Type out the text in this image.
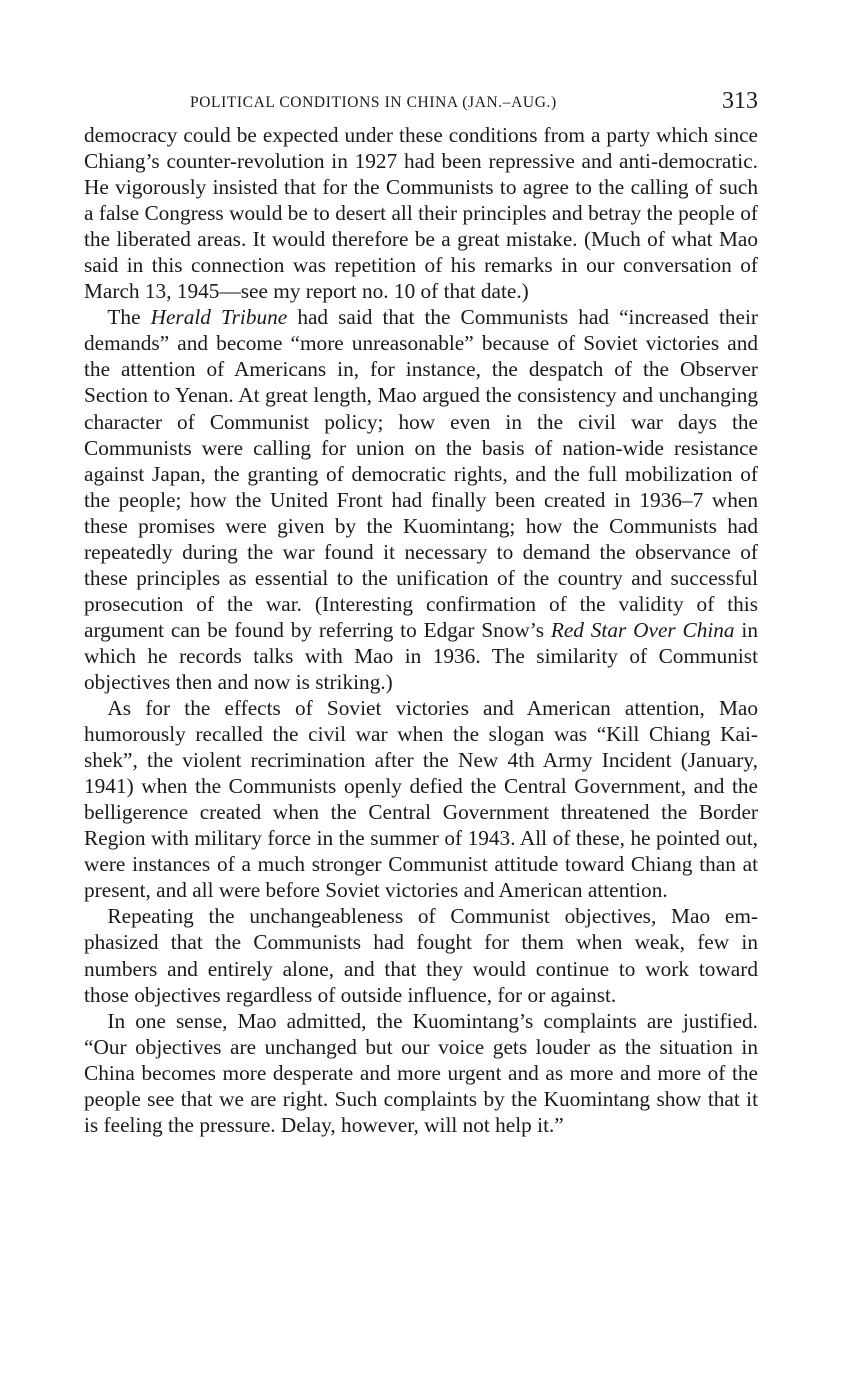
POLITICAL CONDITIONS IN CHINA (JAN.–AUG.)	313

democracy could be expected under these conditions from a party which since Chiang’s counter-revolution in 1927 had been repressive and anti-democratic. He vigorously insisted that for the Communists to agree to the calling of such a false Congress would be to desert all their principles and betray the people of the liberated areas. It would therefore be a great mistake. (Much of what Mao said in this connection was repetition of his remarks in our conversation of March 13, 1945—see my report no. 10 of that date.)

The Herald Tribune had said that the Communists had “increased their demands” and become “more unreasonable” because of Soviet victories and the attention of Americans in, for instance, the despatch of the Observer Section to Yenan. At great length, Mao argued the consistency and unchanging character of Communist policy; how even in the civil war days the Communists were calling for union on the basis of nation-wide resistance against Japan, the granting of democratic rights, and the full mobilization of the people; how the United Front had finally been created in 1936–7 when these promises were given by the Kuomintang; how the Communists had repeatedly during the war found it necessary to demand the observance of these principles as essential to the unification of the country and successful prosecution of the war. (Interesting confirmation of the validity of this argument can be found by referring to Edgar Snow’s Red Star Over China in which he records talks with Mao in 1936. The similarity of Communist objectives then and now is striking.)

As for the effects of Soviet victories and American attention, Mao humorously recalled the civil war when the slogan was “Kill Chiang Kai-shek”, the violent recrimination after the New 4th Army Incident (January, 1941) when the Communists openly defied the Central Government, and the belligerence created when the Central Government threatened the Border Region with military force in the summer of 1943. All of these, he pointed out, were instances of a much stronger Communist attitude toward Chiang than at present, and all were before Soviet victories and American attention.

Repeating the unchangeableness of Communist objectives, Mao emphasized that the Communists had fought for them when weak, few in numbers and entirely alone, and that they would continue to work toward those objectives regardless of outside influence, for or against.

In one sense, Mao admitted, the Kuomintang’s complaints are justified. “Our objectives are unchanged but our voice gets louder as the situation in China becomes more desperate and more urgent and as more and more of the people see that we are right. Such complaints by the Kuomintang show that it is feeling the pressure. Delay, however, will not help it.”
